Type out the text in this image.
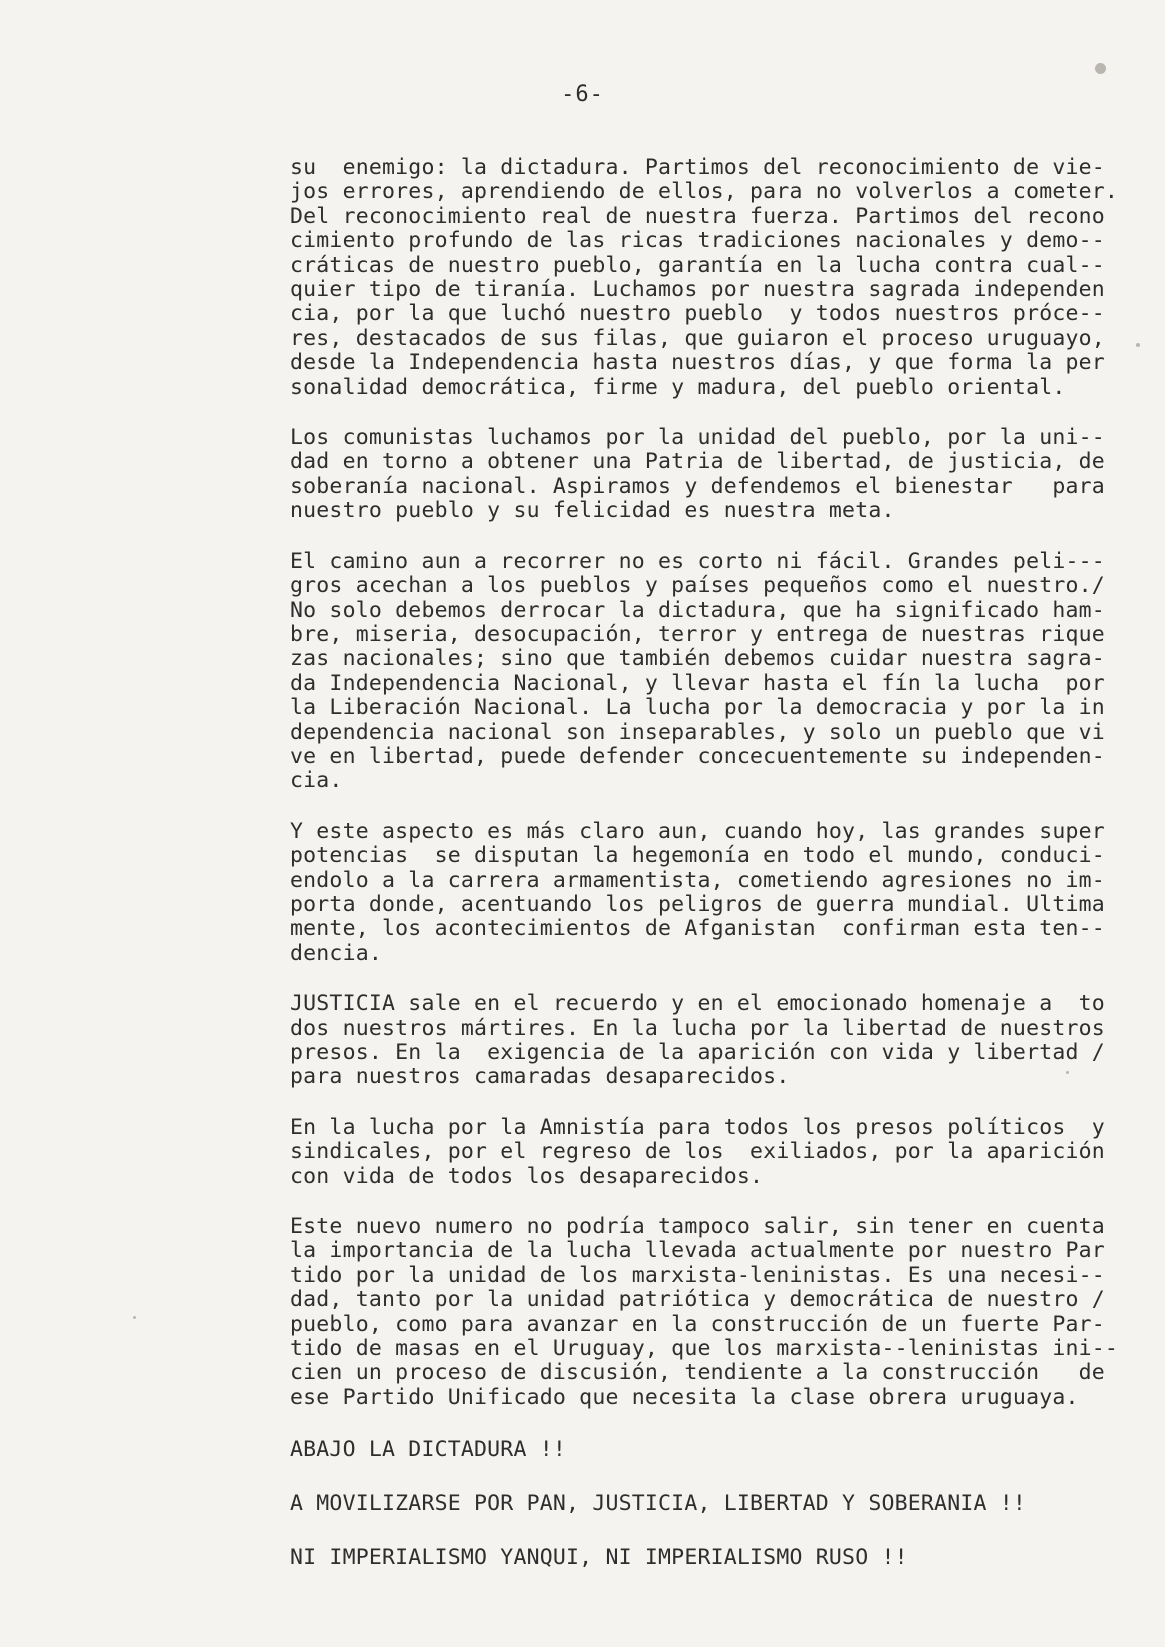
-6-
su  enemigo: la dictadura. Partimos del reconocimiento de vie-
jos errores, aprendiendo de ellos, para no volverlos a cometer.
Del reconocimiento real de nuestra fuerza. Partimos del recono
cimiento profundo de las ricas tradiciones nacionales y demo--
cráticas de nuestro pueblo, garantía en la lucha contra cual--
quier tipo de tiranía. Luchamos por nuestra sagrada independen
cia, por la que luchó nuestro pueblo  y todos nuestros próce--
res, destacados de sus filas, que guiaron el proceso uruguayo,
desde la Independencia hasta nuestros días, y que forma la per
sonalidad democrática, firme y madura, del pueblo oriental.
Los comunistas luchamos por la unidad del pueblo, por la uni--
dad en torno a obtener una Patria de libertad, de justicia, de
soberanía nacional. Aspiramos y defendemos el bienestar   para
nuestro pueblo y su felicidad es nuestra meta.
El camino aun a recorrer no es corto ni fácil. Grandes peli---
gros acechan a los pueblos y países pequeños como el nuestro./
No solo debemos derrocar la dictadura, que ha significado ham-
bre, miseria, desocupación, terror y entrega de nuestras rique
zas nacionales; sino que también debemos cuidar nuestra sagra-
da Independencia Nacional, y llevar hasta el fín la lucha  por
la Liberación Nacional. La lucha por la democracia y por la in
dependencia nacional son inseparables, y solo un pueblo que vi
ve en libertad, puede defender concecuentemente su independen-
cia.
Y este aspecto es más claro aun, cuando hoy, las grandes super
potencias  se disputan la hegemonía en todo el mundo, conduci-
endolo a la carrera armamentista, cometiendo agresiones no im-
porta donde, acentuando los peligros de guerra mundial. Ultima
mente, los acontecimientos de Afganistan  confirman esta ten--
dencia.
JUSTICIA sale en el recuerdo y en el emocionado homenaje a  to
dos nuestros mártires. En la lucha por la libertad de nuestros
presos. En la  exigencia de la aparición con vida y libertad /
para nuestros camaradas desaparecidos.
En la lucha por la Amnistía para todos los presos políticos  y
sindicales, por el regreso de los  exiliados, por la aparición
con vida de todos los desaparecidos.
Este nuevo numero no podría tampoco salir, sin tener en cuenta
la importancia de la lucha llevada actualmente por nuestro Par
tido por la unidad de los marxista-leninistas. Es una necesi--
dad, tanto por la unidad patriótica y democrática de nuestro /
pueblo, como para avanzar en la construcción de un fuerte Par-
tido de masas en el Uruguay, que los marxista--leninistas ini--
cien un proceso de discusión, tendiente a la construcción   de
ese Partido Unificado que necesita la clase obrera uruguaya.
ABAJO LA DICTADURA !!
A MOVILIZARSE POR PAN, JUSTICIA, LIBERTAD Y SOBERANIA !!
NI IMPERIALISMO YANQUI, NI IMPERIALISMO RUSO !!
